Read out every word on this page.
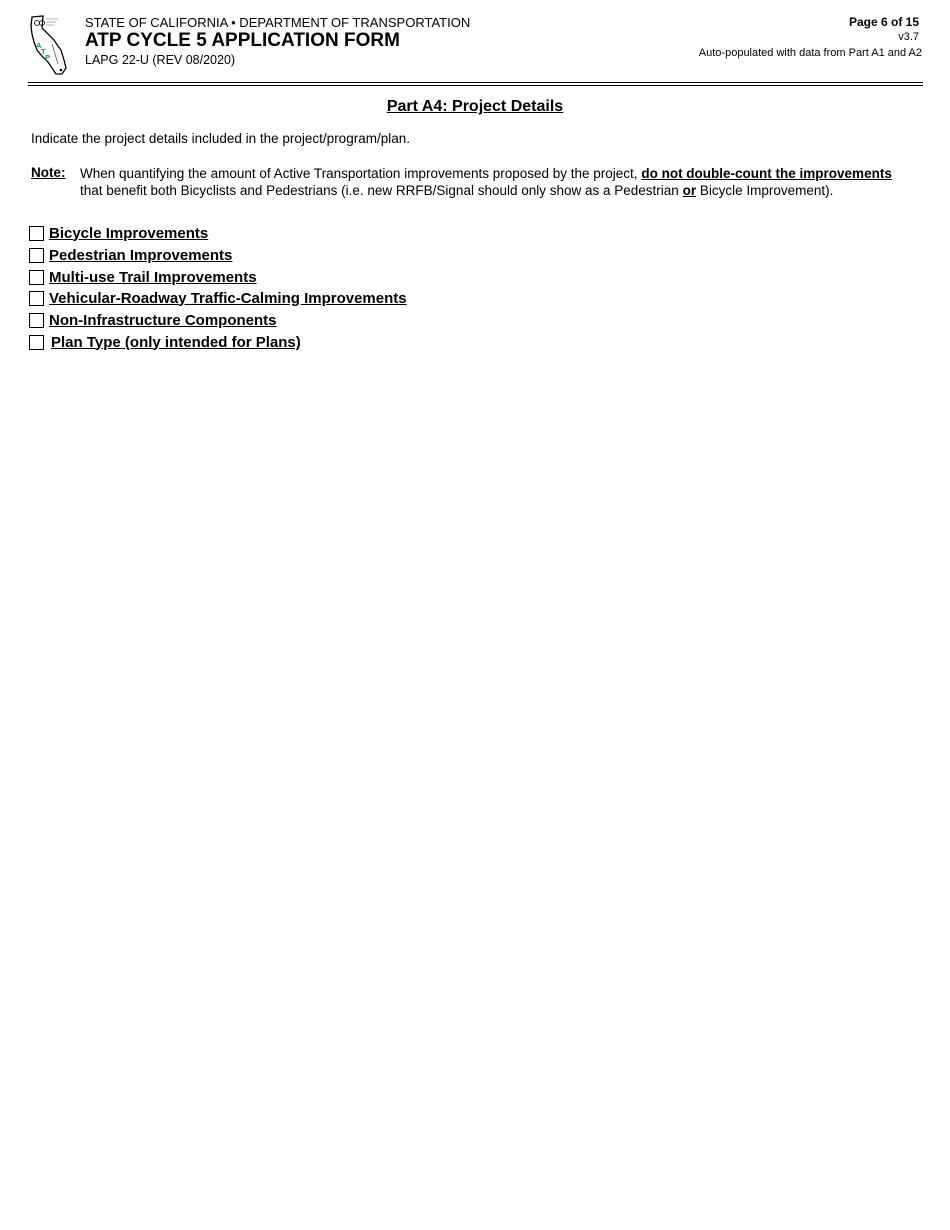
A
T
P
STATE OF CALIFORNIA • DEPARTMENT OF TRANSPORTATION
ATP CYCLE 5 APPLICATION FORM
LAPG 22-U (REV 08/2020)
Page 6 of 15
v3.7
Auto-populated with data from Part A1 and A2
Part A4: Project Details
Indicate the project details included in the project/program/plan.
Note: When quantifying the amount of Active Transportation improvements proposed by the project, do not double-count the improvements that benefit both Bicyclists and Pedestrians (i.e. new RRFB/Signal should only show as a Pedestrian or Bicycle Improvement).
Bicycle Improvements
Pedestrian Improvements
Multi-use Trail Improvements
Vehicular-Roadway Traffic-Calming Improvements
Non-Infrastructure Components
Plan Type (only intended for Plans)
